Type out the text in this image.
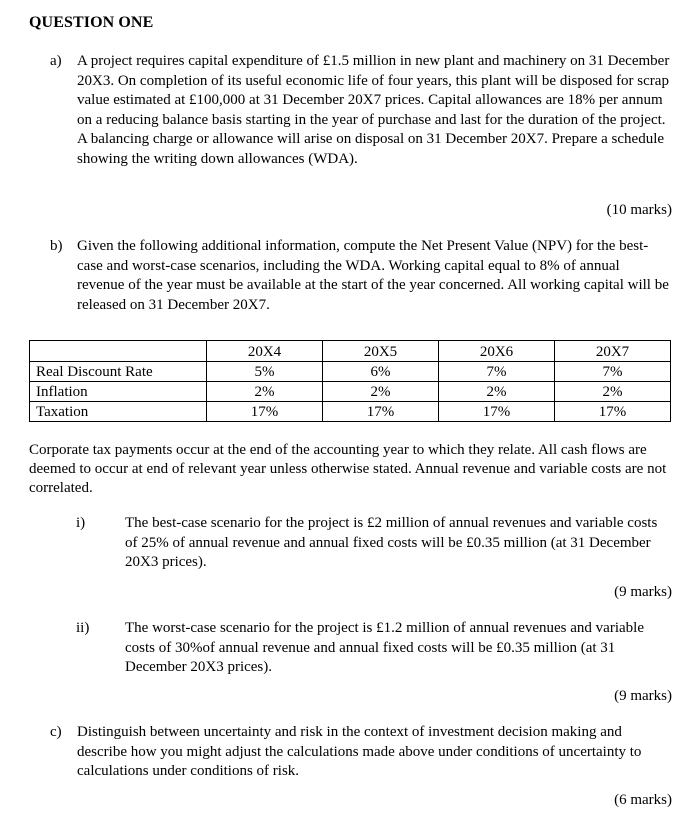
QUESTION ONE
a) A project requires capital expenditure of £1.5 million in new plant and machinery on 31 December 20X3. On completion of its useful economic life of four years, this plant will be disposed for scrap value estimated at £100,000 at 31 December 20X7 prices. Capital allowances are 18% per annum on a reducing balance basis starting in the year of purchase and last for the duration of the project. A balancing charge or allowance will arise on disposal on 31 December 20X7. Prepare a schedule showing the writing down allowances (WDA).
(10 marks)
b) Given the following additional information, compute the Net Present Value (NPV) for the best-case and worst-case scenarios, including the WDA. Working capital equal to 8% of annual revenue of the year must be available at the start of the year concerned. All working capital will be released on 31 December 20X7.
	20X4	20X5	20X6	20X7
Real Discount Rate	5%	6%	7%	7%
Inflation	2%	2%	2%	2%
Taxation	17%	17%	17%	17%
Corporate tax payments occur at the end of the accounting year to which they relate. All cash flows are deemed to occur at end of relevant year unless otherwise stated. Annual revenue and variable costs are not correlated.
i)	The best-case scenario for the project is £2 million of annual revenues and variable costs of 25% of annual revenue and annual fixed costs will be £0.35 million (at 31 December 20X3 prices).
(9 marks)
ii) The worst-case scenario for the project is £1.2 million of annual revenues and variable costs of 30%of annual revenue and annual fixed costs will be £0.35 million (at 31 December 20X3 prices).
(9 marks)
c) Distinguish between uncertainty and risk in the context of investment decision making and describe how you might adjust the calculations made above under conditions of uncertainty to calculations under conditions of risk.
(6 marks)
